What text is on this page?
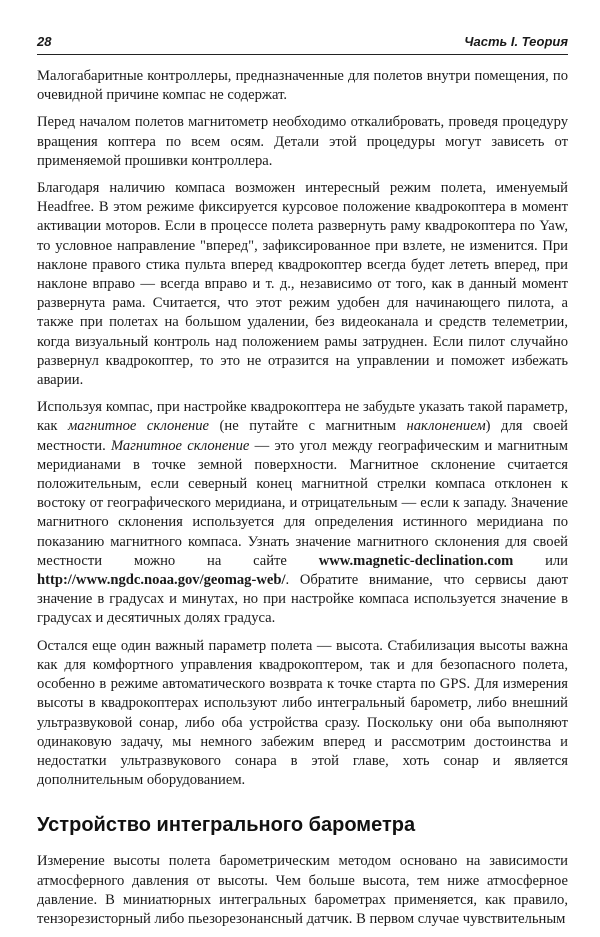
28	Часть I. Теория

Малогабаритные контроллеры, предназначенные для полетов внутри помещения, по очевидной причине компас не содержат.

Перед началом полетов магнитометр необходимо откалибровать, проведя процедуру вращения коптера по всем осям. Детали этой процедуры могут зависеть от применяемой прошивки контроллера.

Благодаря наличию компаса возможен интересный режим полета, именуемый Headfree. В этом режиме фиксируется курсовое положение квадрокоптера в момент активации моторов. Если в процессе полета развернуть раму квадрокоптера по Yaw, то условное направление "вперед", зафиксированное при взлете, не изменится. При наклоне правого стика пульта вперед квадрокоптер всегда будет лететь вперед, при наклоне вправо — всегда вправо и т. д., независимо от того, как в данный момент развернута рама. Считается, что этот режим удобен для начинающего пилота, а также при полетах на большом удалении, без видеоканала и средств телеметрии, когда визуальный контроль над положением рамы затруднен. Если пилот случайно развернул квадрокоптер, то это не отразится на управлении и поможет избежать аварии.

Используя компас, при настройке квадрокоптера не забудьте указать такой параметр, как магнитное склонение (не путайте с магнитным наклонением) для своей местности. Магнитное склонение — это угол между географическим и магнитным меридианами в точке земной поверхности. Магнитное склонение считается положительным, если северный конец магнитной стрелки компаса отклонен к востоку от географического меридиана, и отрицательным — если к западу. Значение магнитного склонения используется для определения истинного меридиана по показанию магнитного компаса. Узнать значение магнитного склонения для своей местности можно на сайте www.magnetic-declination.com или http://www.ngdc.noaa.gov/geomag-web/. Обратите внимание, что сервисы дают значение в градусах и минутах, но при настройке компаса используется значение в градусах и десятичных долях градуса.

Остался еще один важный параметр полета — высота. Стабилизация высоты важна как для комфортного управления квадрокоптером, так и для безопасного полета, особенно в режиме автоматического возврата к точке старта по GPS. Для измерения высоты в квадрокоптерах используют либо интегральный барометр, либо внешний ультразвуковой сонар, либо оба устройства сразу. Поскольку они оба выполняют одинаковую задачу, мы немного забежим вперед и рассмотрим достоинства и недостатки ультразвукового сонара в этой главе, хоть сонар и является дополнительным оборудованием.

Устройство интегрального барометра

Измерение высоты полета барометрическим методом основано на зависимости атмосферного давления от высоты. Чем больше высота, тем ниже атмосферное давление. В миниатюрных интегральных барометрах применяется, как правило, тензорезисторный либо пьезорезонансный датчик. В первом случае чувствительным
